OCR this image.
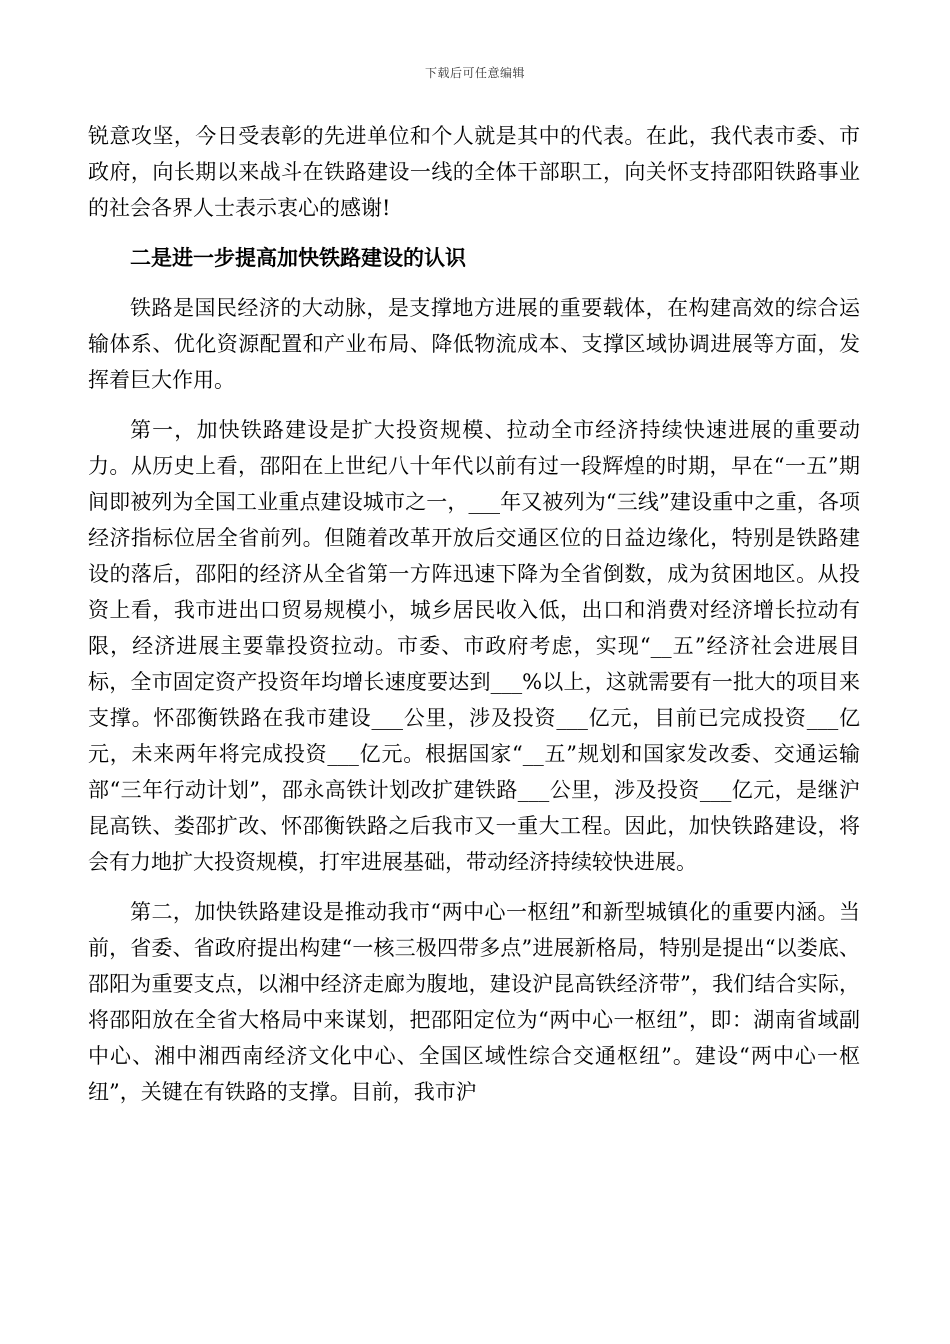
下载后可任意编辑

锐意攻坚，今日受表彰的先进单位和个人就是其中的代表。在此，我代表市委、市政府，向长期以来战斗在铁路建设一线的全体干部职工，向关怀支持邵阳铁路事业的社会各界人士表示衷心的感谢!

二是进一步提高加快铁路建设的认识

铁路是国民经济的大动脉，是支撑地方进展的重要载体，在构建高效的综合运输体系、优化资源配置和产业布局、降低物流成本、支撑区域协调进展等方面，发挥着巨大作用。

第一，加快铁路建设是扩大投资规模、拉动全市经济持续快速进展的重要动力。从历史上看，邵阳在上世纪八十年代以前有过一段辉煌的时期，早在“一五”期间即被列为全国工业重点建设城市之一，___年又被列为“三线”建设重中之重，各项经济指标位居全省前列。但随着改革开放后交通区位的日益边缘化，特别是铁路建设的落后，邵阳的经济从全省第一方阵迅速下降为全省倒数，成为贫困地区。从投资上看，我市进出口贸易规模小，城乡居民收入低，出口和消费对经济增长拉动有限，经济进展主要靠投资拉动。市委、市政府考虑，实现“__五”经济社会进展目标，全市固定资产投资年均增长速度要达到___%以上，这就需要有一批大的项目来支撑。怀邵衡铁路在我市建设___公里，涉及投资___亿元，目前已完成投资___亿元，未来两年将完成投资___亿元。根据国家“__五”规划和国家发改委、交通运输部“三年行动计划”，邵永高铁计划改扩建铁路___公里，涉及投资___亿元，是继沪昆高铁、娄邵扩改、怀邵衡铁路之后我市又一重大工程。因此，加快铁路建设，将会有力地扩大投资规模，打牢进展基础，带动经济持续较快进展。

第二，加快铁路建设是推动我市“两中心一枢纽”和新型城镇化的重要内涵。当前，省委、省政府提出构建“一核三极四带多点”进展新格局，特别是提出“以娄底、邵阳为重要支点，以湘中经济走廊为腹地，建设沪昆高铁经济带”，我们结合实际，将邵阳放在全省大格局中来谋划，把邵阳定位为“两中心一枢纽”，即：湖南省域副中心、湘中湘西南经济文化中心、全国区域性综合交通枢纽”。建设“两中心一枢纽”，关键在有铁路的支撑。目前，我市沪
